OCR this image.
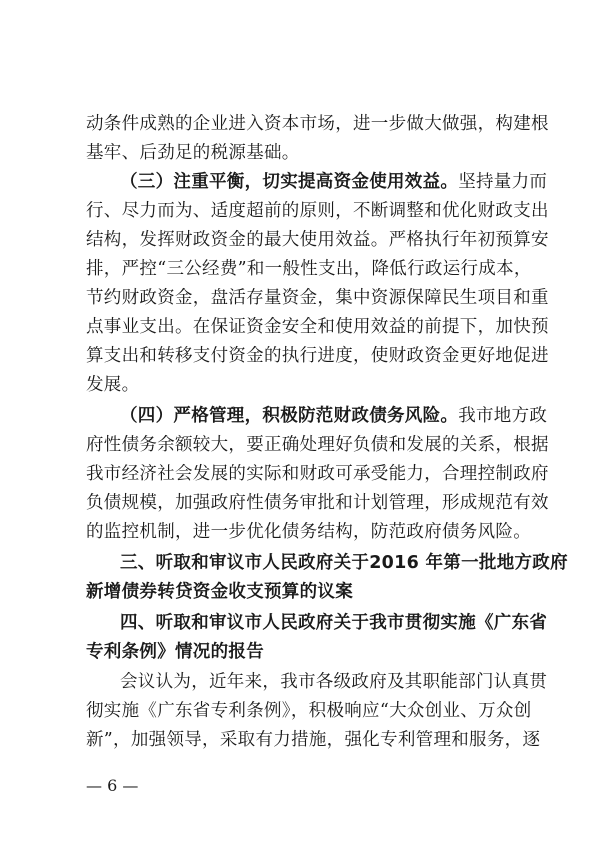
动条件成熟的企业进入资本市场，进一步做大做强，构建根
基牢、后劲足的税源基础。
（三）注重平衡，切实提高资金使用效益。坚持量力而
行、尽力而为、适度超前的原则，不断调整和优化财政支出
结构，发挥财政资金的最大使用效益。严格执行年初预算安
排，严控“三公经费”和一般性支出，降低行政运行成本，
节约财政资金，盘活存量资金，集中资源保障民生项目和重
点事业支出。在保证资金安全和使用效益的前提下，加快预
算支出和转移支付资金的执行进度，使财政资金更好地促进
发展。
（四）严格管理，积极防范财政债务风险。我市地方政
府性债务余额较大，要正确处理好负债和发展的关系，根据
我市经济社会发展的实际和财政可承受能力，合理控制政府
负债规模，加强政府性债务审批和计划管理，形成规范有效
的监控机制，进一步优化债务结构，防范政府债务风险。
三、听取和审议市人民政府关于2016 年第一批地方政府
新增债券转贷资金收支预算的议案
四、听取和审议市人民政府关于我市贯彻实施《广东省
专利条例》情况的报告
会议认为，近年来，我市各级政府及其职能部门认真贯
彻实施《广东省专利条例》，积极响应“大众创业、万众创
新”，加强领导，采取有力措施，强化专利管理和服务，逐
— 6 —
